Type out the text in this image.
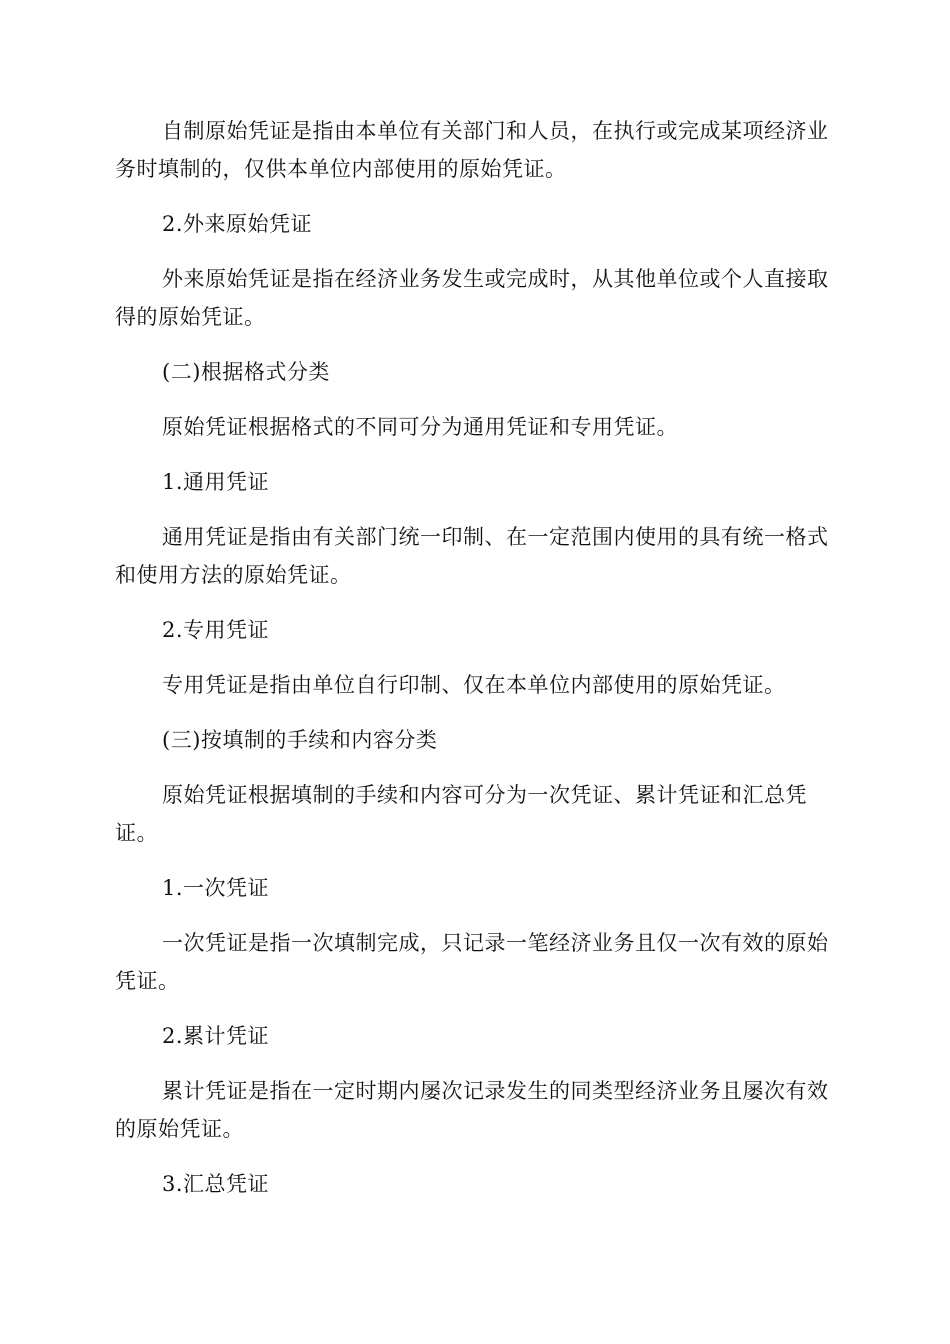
自制原始凭证是指由本单位有关部门和人员，在执行或完成某项经济业务时填制的，仅供本单位内部使用的原始凭证。

2.外来原始凭证

外来原始凭证是指在经济业务发生或完成时，从其他单位或个人直接取得的原始凭证。

(二)根据格式分类

原始凭证根据格式的不同可分为通用凭证和专用凭证。

1.通用凭证

通用凭证是指由有关部门统一印制、在一定范围内使用的具有统一格式和使用方法的原始凭证。

2.专用凭证

专用凭证是指由单位自行印制、仅在本单位内部使用的原始凭证。

(三)按填制的手续和内容分类

原始凭证根据填制的手续和内容可分为一次凭证、累计凭证和汇总凭证。

1.一次凭证

一次凭证是指一次填制完成，只记录一笔经济业务且仅一次有效的原始凭证。

2.累计凭证

累计凭证是指在一定时期内屡次记录发生的同类型经济业务且屡次有效的原始凭证。

3.汇总凭证
